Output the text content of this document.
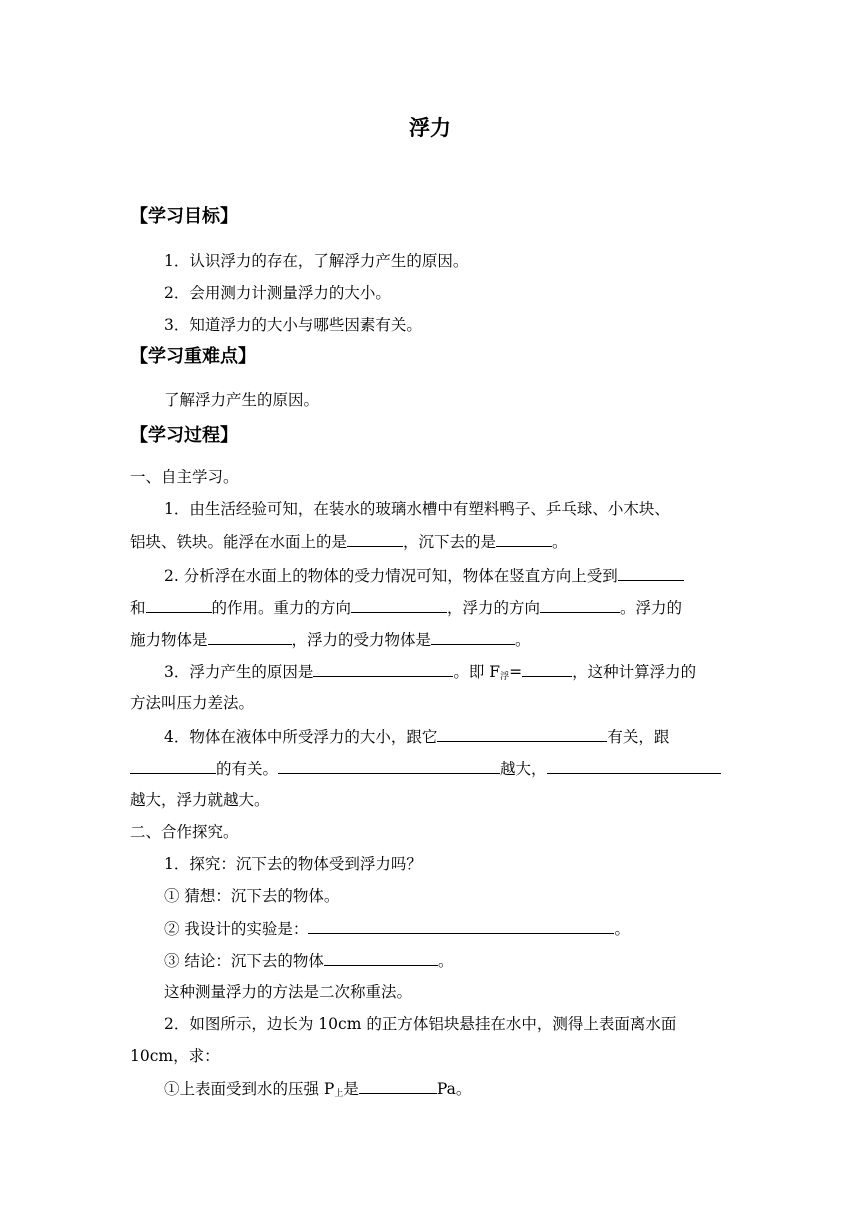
浮力
【学习目标】
1．认识浮力的存在，了解浮力产生的原因。
2．会用测力计测量浮力的大小。
3．知道浮力的大小与哪些因素有关。
【学习重难点】
了解浮力产生的原因。
【学习过程】
一、自主学习。
1．由生活经验可知，在装水的玻璃水槽中有塑料鸭子、乒乓球、小木块、
铝块、铁块。能浮在水面上的是	，沉下去的是	。
2. 分析浮在水面上的物体的受力情况可知，物体在竖直方向上受到
和	的作用。重力的方向	，浮力的方向	。浮力的
施力物体是	，浮力的受力物体是	。
3．浮力产生的原因是	。即 $F_浮=$	，这种计算浮力的
方法叫压力差法。
4．物体在液体中所受浮力的大小，跟它	有关，跟
的有关。	越大，
越大，浮力就越大。
二、合作探究。
1．探究：沉下去的物体受到浮力吗？
① 猜想：沉下去的物体。
② 我设计的实验是：	。
③ 结论：沉下去的物体	。
这种测量浮力的方法是二次称重法。
2．如图所示，边长为 10cm 的正方体铝块悬挂在水中，测得上表面离水面
10cm，求：
①上表面受到水的压强 $P_上$是	Pa。
